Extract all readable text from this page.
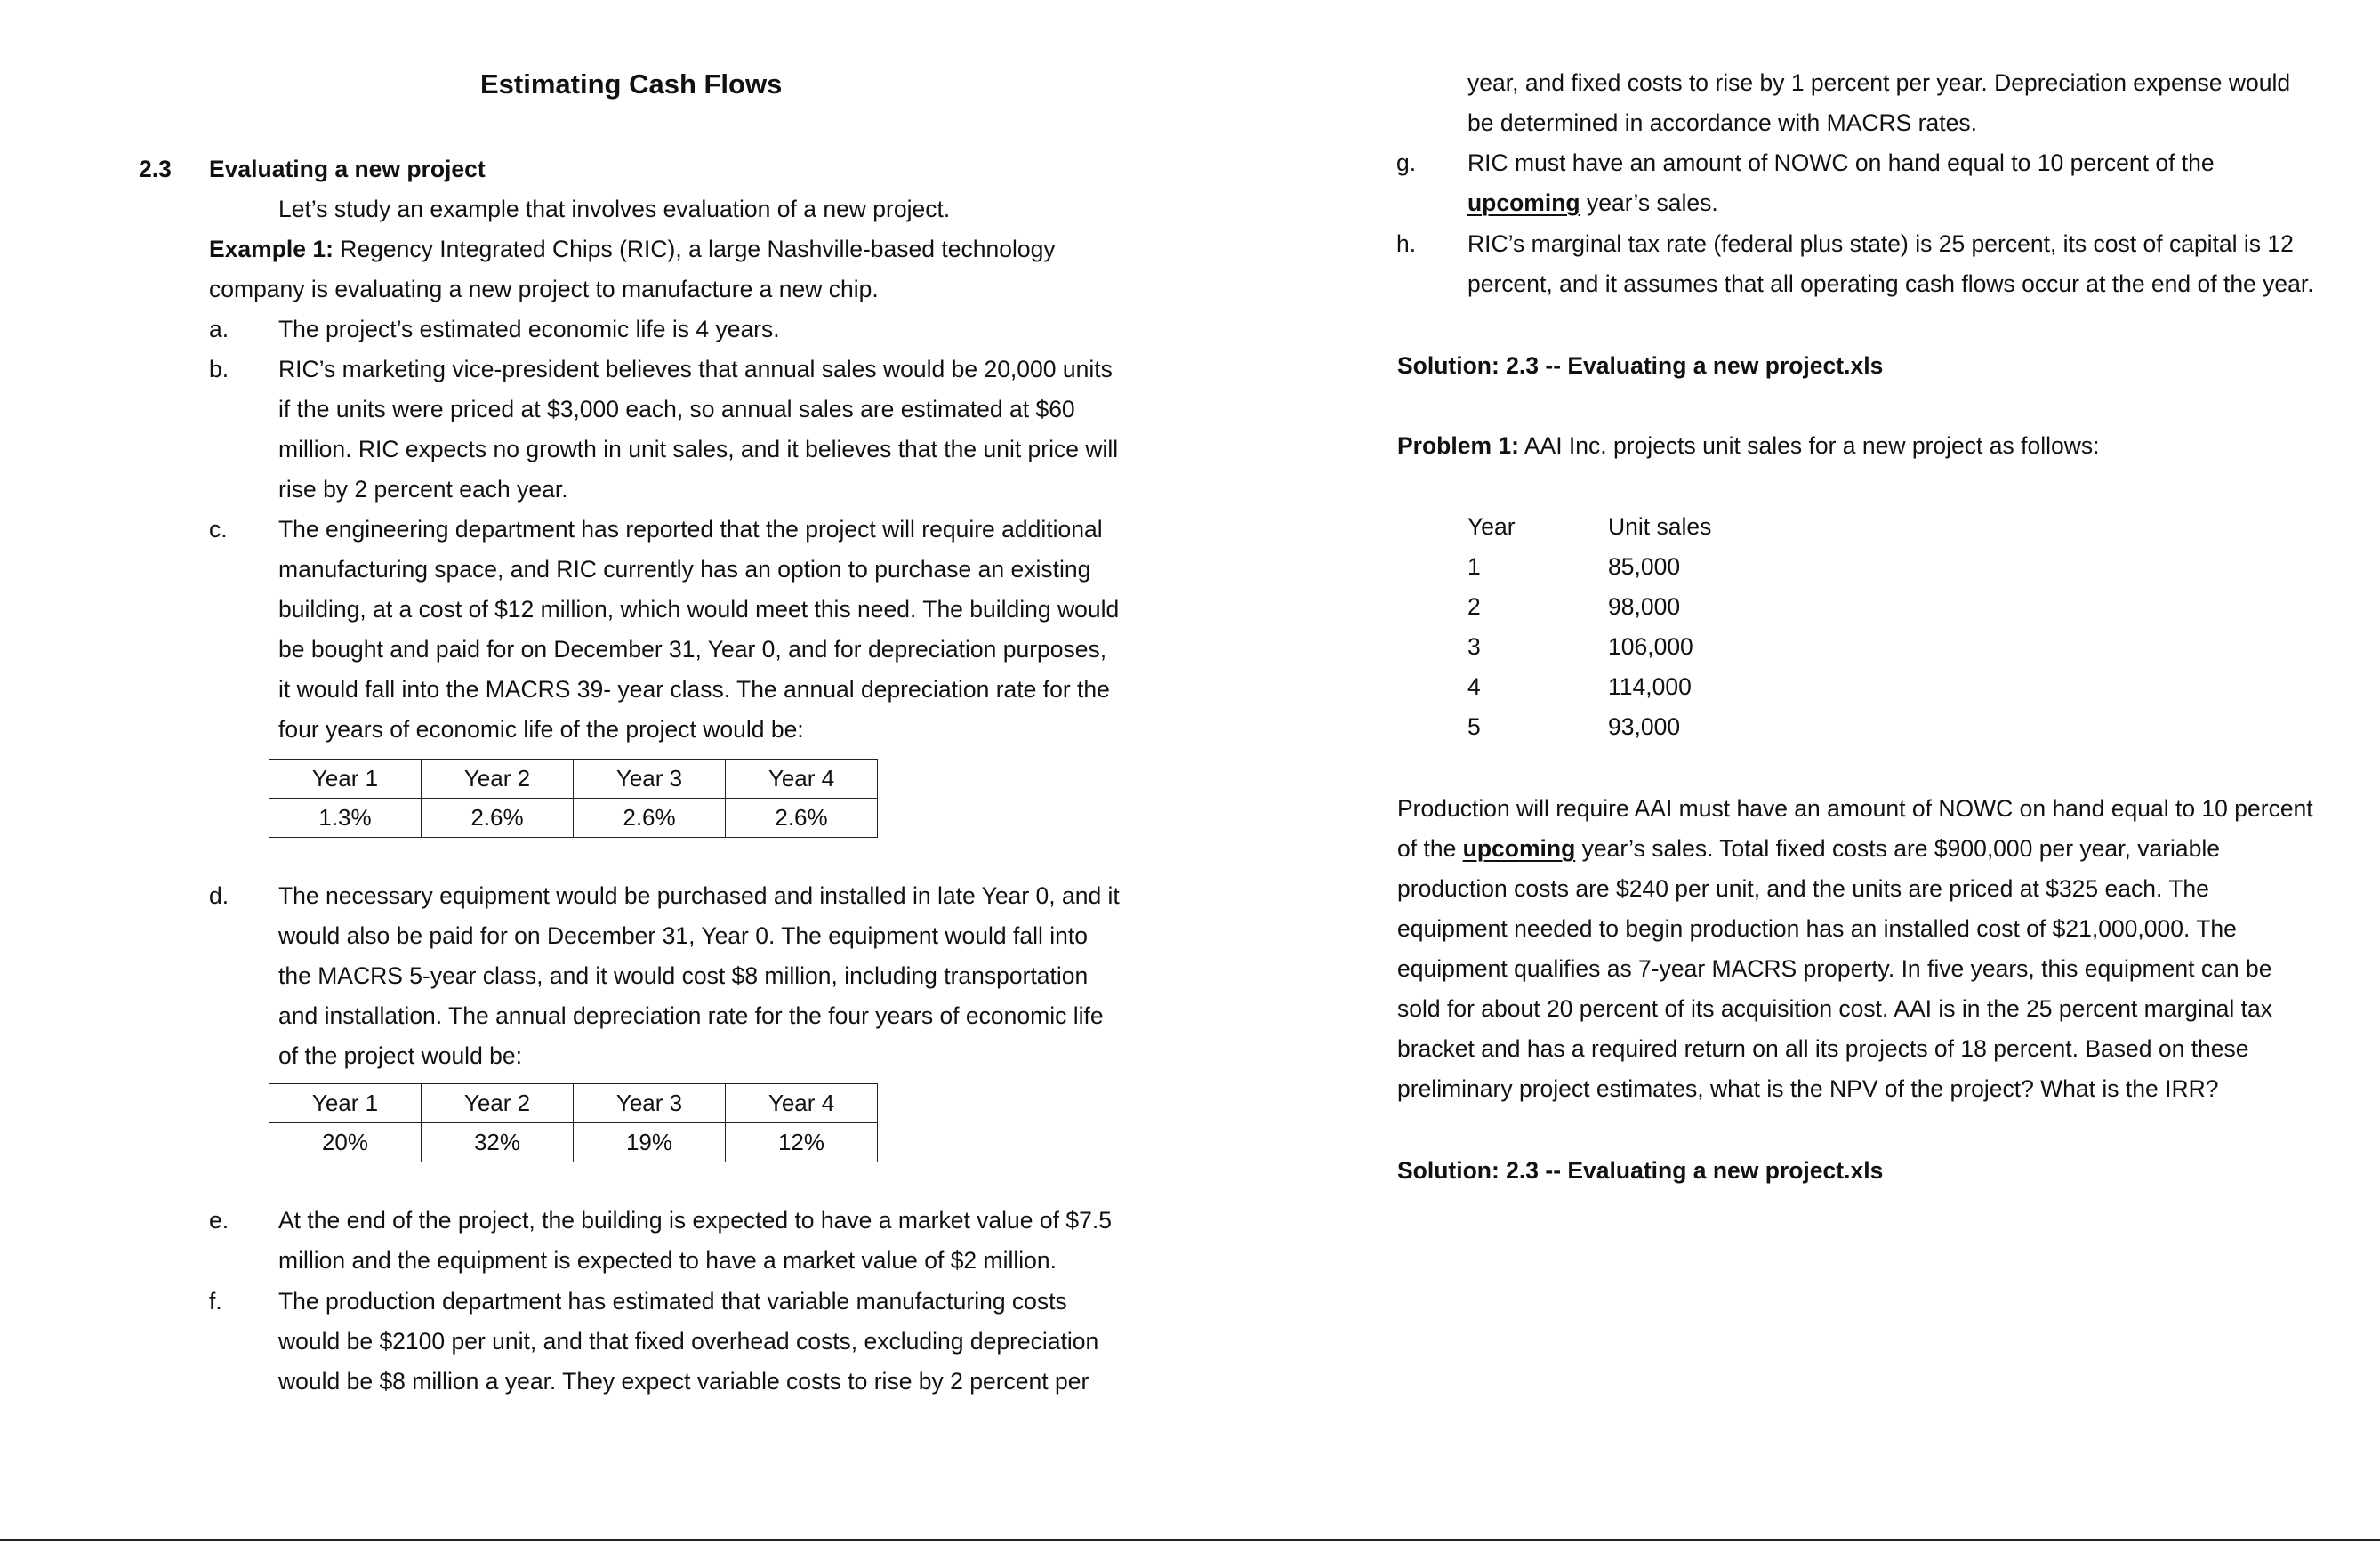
Estimating Cash Flows
2.3 Evaluating a new project
Let’s study an example that involves evaluation of a new project.
Example 1: Regency Integrated Chips (RIC), a large Nashville-based technology
company is evaluating a new project to manufacture a new chip.
a. The project’s estimated economic life is 4 years.
b. RIC’s marketing vice-president believes that annual sales would be 20,000 units
if the units were priced at $3,000 each, so annual sales are estimated at $60
million. RIC expects no growth in unit sales, and it believes that the unit price will
rise by 2 percent each year.
c. The engineering department has reported that the project will require additional
manufacturing space, and RIC currently has an option to purchase an existing
building, at a cost of $12 million, which would meet this need. The building would
be bought and paid for on December 31, Year 0, and for depreciation purposes,
it would fall into the MACRS 39- year class. The annual depreciation rate for the
four years of economic life of the project would be:
Year 1	Year 2	Year 3	Year 4
1.3%	2.6%	2.6%	2.6%
d. The necessary equipment would be purchased and installed in late Year 0, and it
would also be paid for on December 31, Year 0. The equipment would fall into
the MACRS 5-year class, and it would cost $8 million, including transportation
and installation. The annual depreciation rate for the four years of economic life
of the project would be:
Year 1	Year 2	Year 3	Year 4
20%	32%	19%	12%
e. At the end of the project, the building is expected to have a market value of $7.5
million and the equipment is expected to have a market value of $2 million.
f. The production department has estimated that variable manufacturing costs
would be $2100 per unit, and that fixed overhead costs, excluding depreciation
would be $8 million a year. They expect variable costs to rise by 2 percent per
year, and fixed costs to rise by 1 percent per year. Depreciation expense would
be determined in accordance with MACRS rates.
g. RIC must have an amount of NOWC on hand equal to 10 percent of the
upcoming year’s sales.
h. RIC’s marginal tax rate (federal plus state) is 25 percent, its cost of capital is 12
percent, and it assumes that all operating cash flows occur at the end of the year.
Solution: 2.3 -- Evaluating a new project.xls
Problem 1: AAI Inc. projects unit sales for a new project as follows:
Year	Unit sales
1	85,000
2	98,000
3	106,000
4	114,000
5	93,000
Production will require AAI must have an amount of NOWC on hand equal to 10 percent
of the upcoming year’s sales. Total fixed costs are $900,000 per year, variable
production costs are $240 per unit, and the units are priced at $325 each. The
equipment needed to begin production has an installed cost of $21,000,000. The
equipment qualifies as 7-year MACRS property. In five years, this equipment can be
sold for about 20 percent of its acquisition cost. AAI is in the 25 percent marginal tax
bracket and has a required return on all its projects of 18 percent. Based on these
preliminary project estimates, what is the NPV of the project? What is the IRR?
Solution: 2.3 -- Evaluating a new project.xls
